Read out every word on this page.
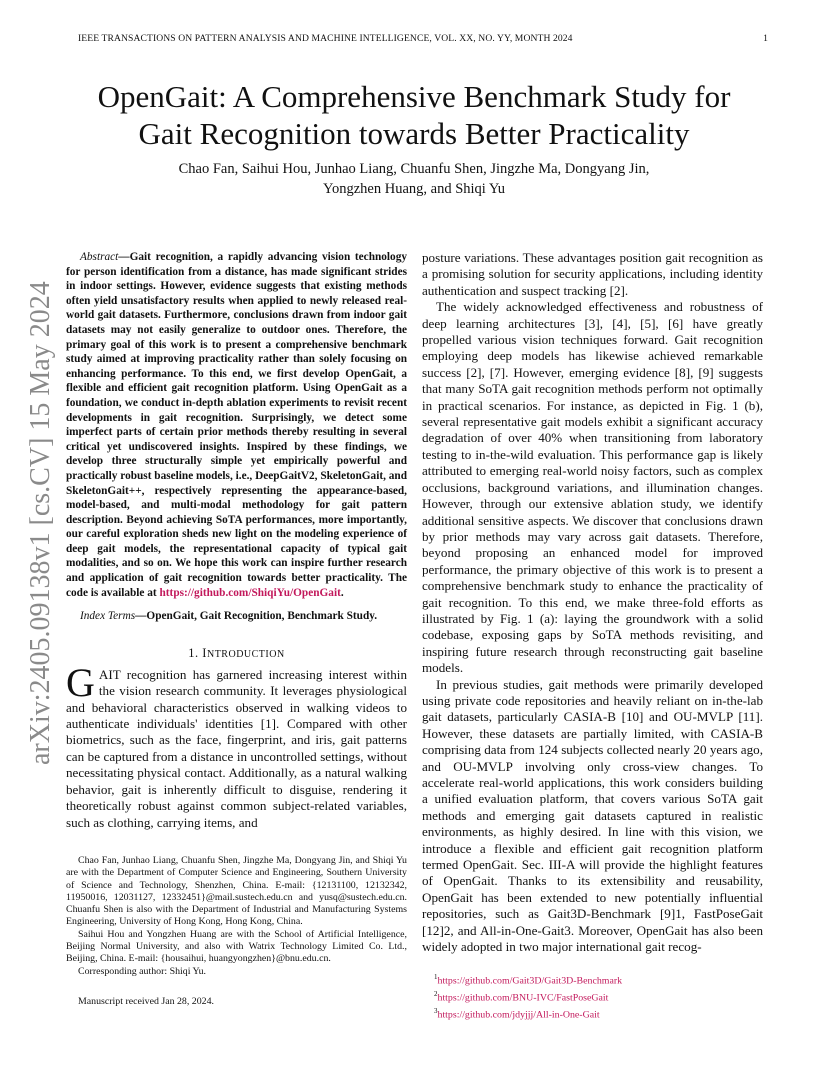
IEEE TRANSACTIONS ON PATTERN ANALYSIS AND MACHINE INTELLIGENCE, VOL. XX, NO. YY, MONTH 2024	1
OpenGait: A Comprehensive Benchmark Study for
Gait Recognition towards Better Practicality
Chao Fan, Saihui Hou, Junhao Liang, Chuanfu Shen, Jingzhe Ma, Dongyang Jin,
Yongzhen Huang, and Shiqi Yu
arXiv:2405.09138v1 [cs.CV] 15 May 2024

Abstract—Gait recognition, a rapidly advancing vision technology for person identification from a distance, has made significant strides in indoor settings. However, evidence suggests that existing methods often yield unsatisfactory results when applied to newly released real-world gait datasets. Furthermore, conclusions drawn from indoor gait datasets may not easily generalize to outdoor ones. Therefore, the primary goal of this work is to present a comprehensive benchmark study aimed at improving practicality rather than solely focusing on enhancing performance. To this end, we first develop OpenGait, a flexible and efficient gait recognition platform. Using OpenGait as a foundation, we conduct in-depth ablation experiments to revisit recent developments in gait recognition. Surprisingly, we detect some imperfect parts of certain prior methods thereby resulting in several critical yet undiscovered insights. Inspired by these findings, we develop three structurally simple yet empirically powerful and practically robust baseline models, i.e., DeepGaitV2, SkeletonGait, and SkeletonGait++, respectively representing the appearance-based, model-based, and multi-modal methodology for gait pattern description. Beyond achieving SoTA performances, more importantly, our careful exploration sheds new light on the modeling experience of deep gait models, the representational capacity of typical gait modalities, and so on. We hope this work can inspire further research and application of gait recognition towards better practicality. The code is available at https://github.com/ShiqiYu/OpenGait.

Index Terms—OpenGait, Gait Recognition, Benchmark Study.

1. INTRODUCTION

GAIT recognition has garnered increasing interest within the vision research community. It leverages physiological and behavioral characteristics observed in walking videos to authenticate individuals' identities [1]. Compared with other biometrics, such as the face, fingerprint, and iris, gait patterns can be captured from a distance in uncontrolled settings, without necessitating physical contact. Additionally, as a natural walking behavior, gait is inherently difficult to disguise, rendering it theoretically robust against common subject-related variables, such as clothing, carrying items, and

Chao Fan, Junhao Liang, Chuanfu Shen, Jingzhe Ma, Dongyang Jin, and Shiqi Yu are with the Department of Computer Science and Engineering, Southern University of Science and Technology, Shenzhen, China. E-mail: {12131100, 12132342, 11950016, 12031127, 12332451}@mail.sustech.edu.cn and yusq@sustech.edu.cn. Chuanfu Shen is also with the Department of Industrial and Manufacturing Systems Engineering, University of Hong Kong, Hong Kong, China.

Saihui Hou and Yongzhen Huang are with the School of Artificial Intelligence, Beijing Normal University, and also with Watrix Technology Limited Co. Ltd., Beijing, China. E-mail: {housaihui, huangyongzhen}@bnu.edu.cn.

Corresponding author: Shiqi Yu.

Manuscript received Jan 28, 2024.

posture variations. These advantages position gait recognition as a promising solution for security applications, including identity authentication and suspect tracking [2].

The widely acknowledged effectiveness and robustness of deep learning architectures [3], [4], [5], [6] have greatly propelled various vision techniques forward. Gait recognition employing deep models has likewise achieved remarkable success [2], [7]. However, emerging evidence [8], [9] suggests that many SoTA gait recognition methods perform not optimally in practical scenarios. For instance, as depicted in Fig. 1 (b), several representative gait models exhibit a significant accuracy degradation of over 40% when transitioning from laboratory testing to in-the-wild evaluation. This performance gap is likely attributed to emerging real-world noisy factors, such as complex occlusions, background variations, and illumination changes. However, through our extensive ablation study, we identify additional sensitive aspects. We discover that conclusions drawn by prior methods may vary across gait datasets. Therefore, beyond proposing an enhanced model for improved performance, the primary objective of this work is to present a comprehensive benchmark study to enhance the practicality of gait recognition. To this end, we make three-fold efforts as illustrated by Fig. 1 (a): laying the groundwork with a solid codebase, exposing gaps by SoTA methods revisiting, and inspiring future research through reconstructing gait baseline models.

In previous studies, gait methods were primarily developed using private code repositories and heavily reliant on in-the-lab gait datasets, particularly CASIA-B [10] and OU-MVLP [11]. However, these datasets are partially limited, with CASIA-B comprising data from 124 subjects collected nearly 20 years ago, and OU-MVLP involving only cross-view changes. To accelerate real-world applications, this work considers building a unified evaluation platform, that covers various SoTA gait methods and emerging gait datasets captured in realistic environments, as highly desired. In line with this vision, we introduce a flexible and efficient gait recognition platform termed OpenGait. Sec. III-A will provide the highlight features of OpenGait. Thanks to its extensibility and reusability, OpenGait has been extended to new potentially influential repositories, such as Gait3D-Benchmark [9]1, FastPoseGait [12]2, and All-in-One-Gait3. Moreover, OpenGait has also been widely adopted in two major international gait recog-

$^1$https://github.com/Gait3D/Gait3D-Benchmark
$^2$https://github.com/BNU-IVC/FastPoseGait
$^3$https://github.com/jdyjjj/All-in-One-Gait
